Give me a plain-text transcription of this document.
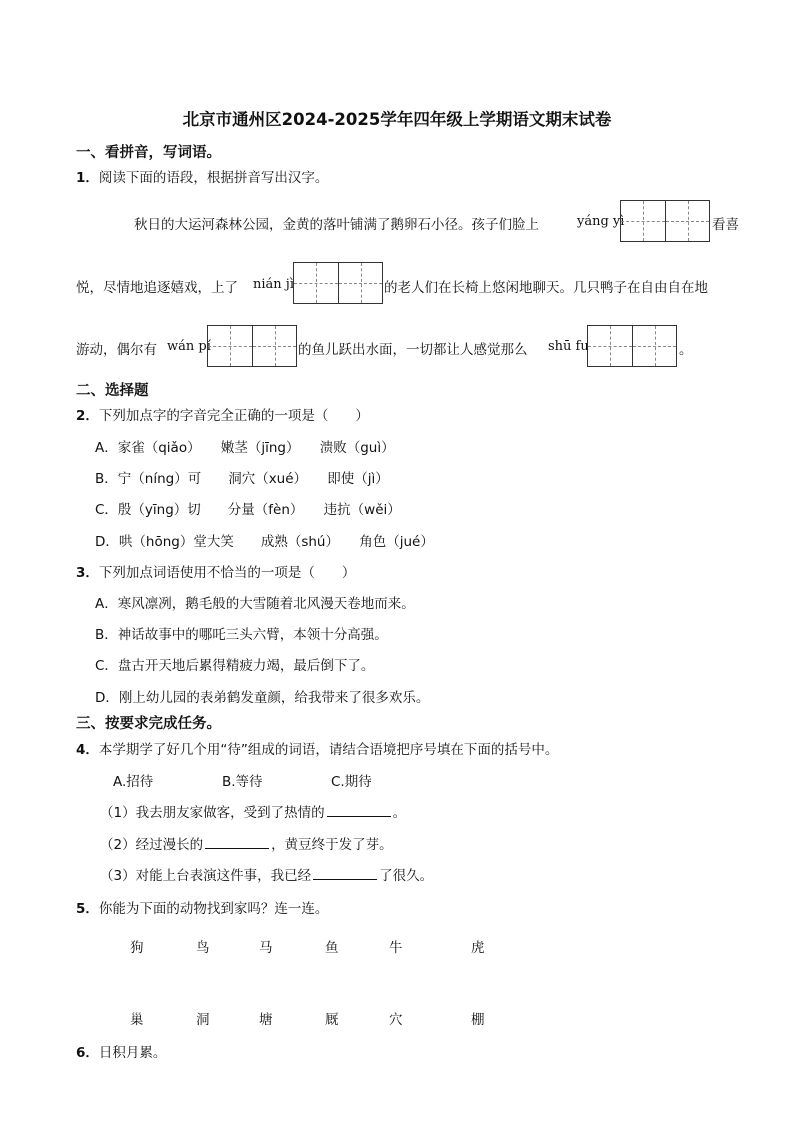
北京市通州区2024-2025学年四年级上学期语文期末试卷
一、看拼音，写词语。
1．阅读下面的语段，根据拼音写出汉字。
秋日的大运河森林公园，金黄的落叶铺满了鹅卵石小径。孩子们脸上	yáng yì	看喜
悦，尽情地追逐嬉戏，上了 nián jì	的老人们在长椅上悠闲地聊天。几只鸭子在自由自在地
游动，偶尔有 wán pí	的鱼儿跃出水面，一切都让人感觉那么 shū fu	。
二、选择题
2．下列加点字的字音完全正确的一项是（　　）
A．家雀（qiǎo）　　嫩茎（jīng）　　溃败（guì）
B．宁（níng）可　　洞穴（xué）　　即使（jì）
C．殷（yīng）切　　分量（fèn）　　违抗（wěi）
D．哄（hōng）堂大笑　　成熟（shú）　　角色（jué）
3．下列加点词语使用不恰当的一项是（　　）
A．寒风凛冽，鹅毛般的大雪随着北风漫天卷地而来。
B．神话故事中的哪吒三头六臂，本领十分高强。
C．盘古开天地后累得精疲力竭，最后倒下了。
D．刚上幼儿园的表弟鹤发童颜，给我带来了很多欢乐。
三、按要求完成任务。
4．本学期学了好几个用“待”组成的词语，请结合语境把序号填在下面的括号中。
A.招待	B.等待	C.期待
（1）我去朋友家做客，受到了热情的	。
（2）经过漫长的	，黄豆终于发了芽。
（3）对能上台表演这件事，我已经	了很久。
5．你能为下面的动物找到家吗？连一连。
狗	鸟	马	鱼	牛	虎
巢	洞	塘	厩	穴	棚
6．日积月累。
